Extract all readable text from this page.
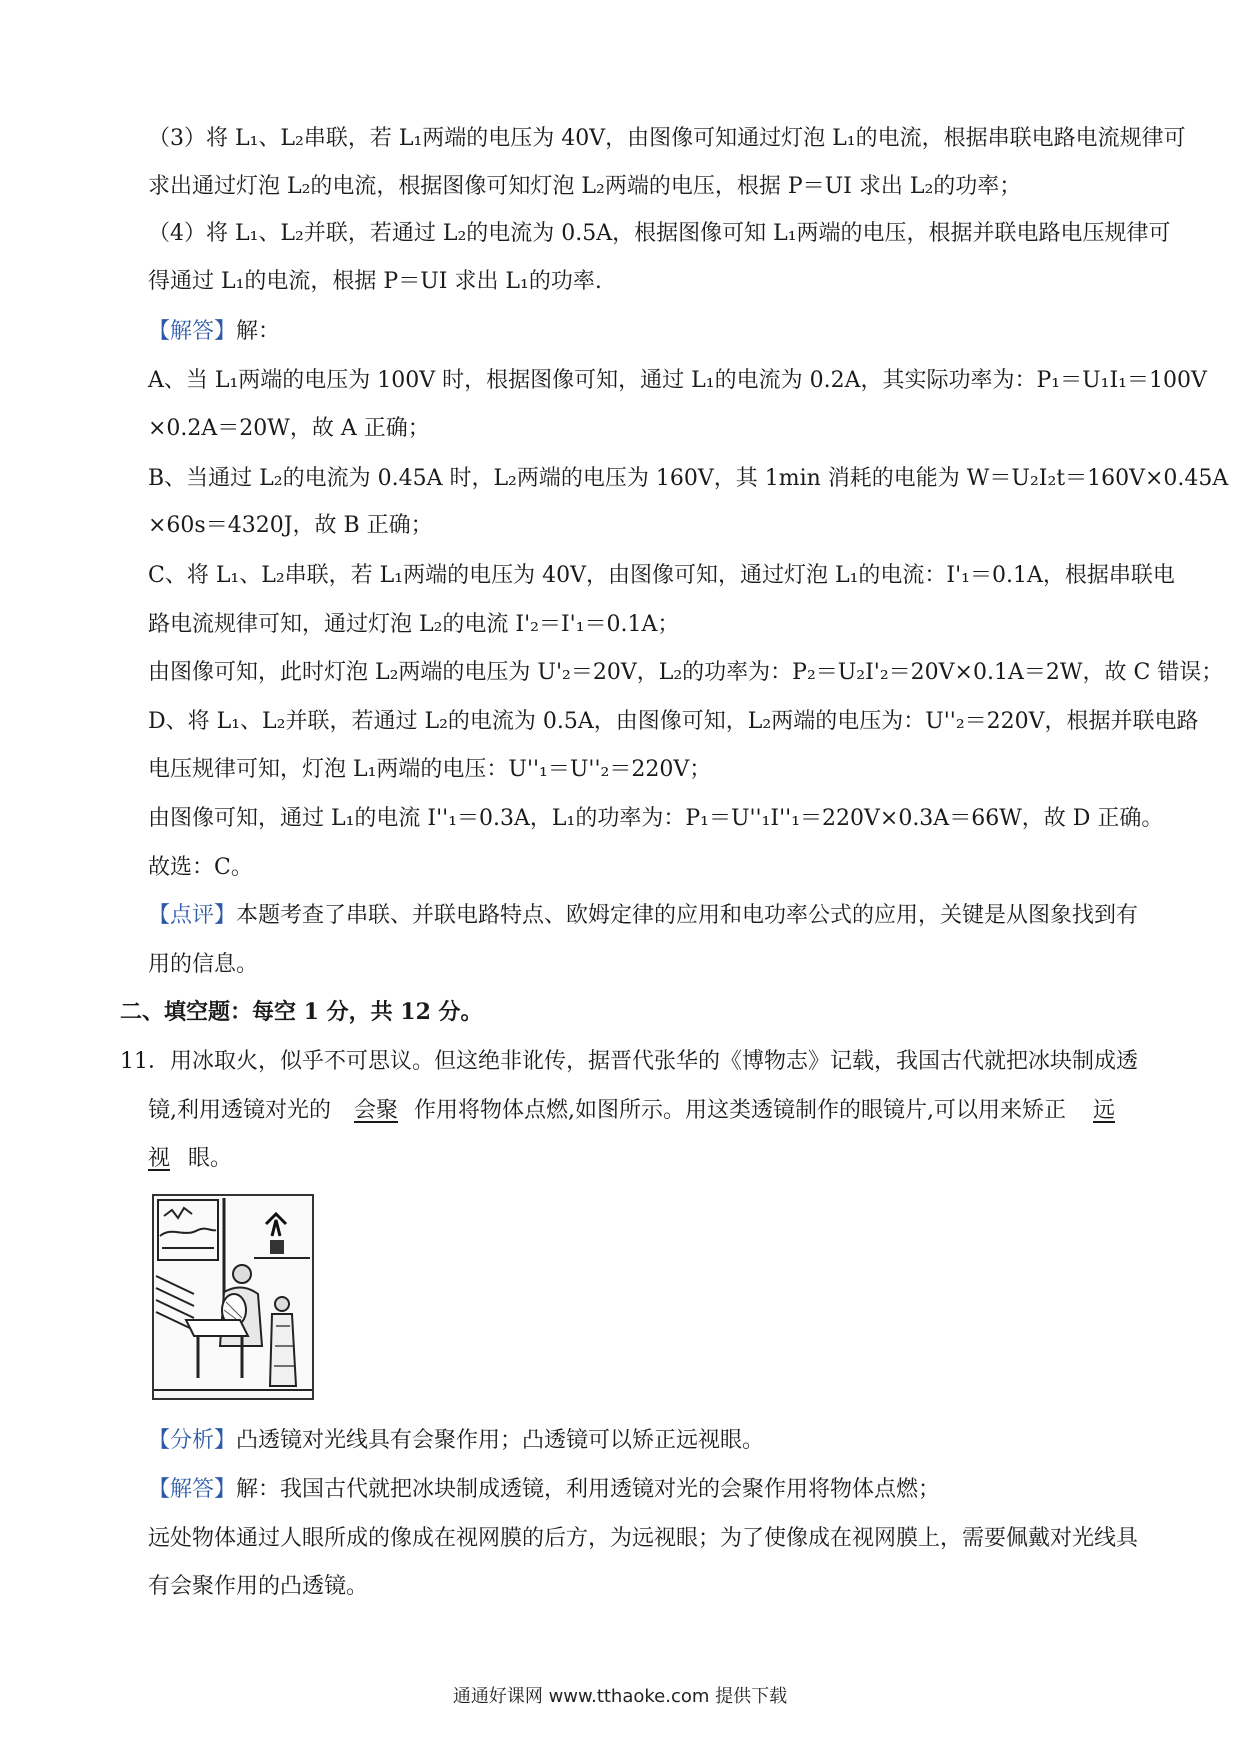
（3）将 L₁、L₂串联，若 L₁两端的电压为 40V，由图像可知通过灯泡 L₁的电流，根据串联电路电流规律可
求出通过灯泡 L₂的电流，根据图像可知灯泡 L₂两端的电压，根据 P＝UI 求出 L₂的功率；
（4）将 L₁、L₂并联，若通过 L₂的电流为 0.5A，根据图像可知 L₁两端的电压，根据并联电路电压规律可
得通过 L₁的电流，根据 P＝UI 求出 L₁的功率.
【解答】解：
A、当 L₁两端的电压为 100V 时，根据图像可知，通过 L₁的电流为 0.2A，其实际功率为：P₁＝U₁I₁＝100V
×0.2A＝20W，故 A 正确；
B、当通过 L₂的电流为 0.45A 时，L₂两端的电压为 160V，其 1min 消耗的电能为 W＝U₂I₂t＝160V×0.45A
×60s＝4320J，故 B 正确；
C、将 L₁、L₂串联，若 L₁两端的电压为 40V，由图像可知，通过灯泡 L₁的电流：I'₁＝0.1A，根据串联电
路电流规律可知，通过灯泡 L₂的电流 I'₂＝I'₁＝0.1A；
由图像可知，此时灯泡 L₂两端的电压为 U'₂＝20V，L₂的功率为：P₂＝U₂I'₂＝20V×0.1A＝2W，故 C 错误；
D、将 L₁、L₂并联，若通过 L₂的电流为 0.5A，由图像可知，L₂两端的电压为：U''₂＝220V，根据并联电路
电压规律可知，灯泡 L₁两端的电压：U''₁＝U''₂＝220V；
由图像可知，通过 L₁的电流 I''₁＝0.3A，L₁的功率为：P₁＝U''₁I''₁＝220V×0.3A＝66W，故 D 正确。
故选：C。
【点评】本题考查了串联、并联电路特点、欧姆定律的应用和电功率公式的应用，关键是从图象找到有
用的信息。
二、填空题：每空 1 分，共 12 分。
11．用冰取火，似乎不可思议。但这绝非讹传，据晋代张华的《博物志》记载，我国古代就把冰块制成透
镜,利用透镜对光的 会聚 作用将物体点燃,如图所示。用这类透镜制作的眼镜片,可以用来矫正 远
视 眼。
【分析】凸透镜对光线具有会聚作用；凸透镜可以矫正远视眼。
【解答】解：我国古代就把冰块制成透镜，利用透镜对光的会聚作用将物体点燃；
远处物体通过人眼所成的像成在视网膜的后方，为远视眼；为了使像成在视网膜上，需要佩戴对光线具
有会聚作用的凸透镜。
通通好课网 www.tthaoke.com 提供下载
